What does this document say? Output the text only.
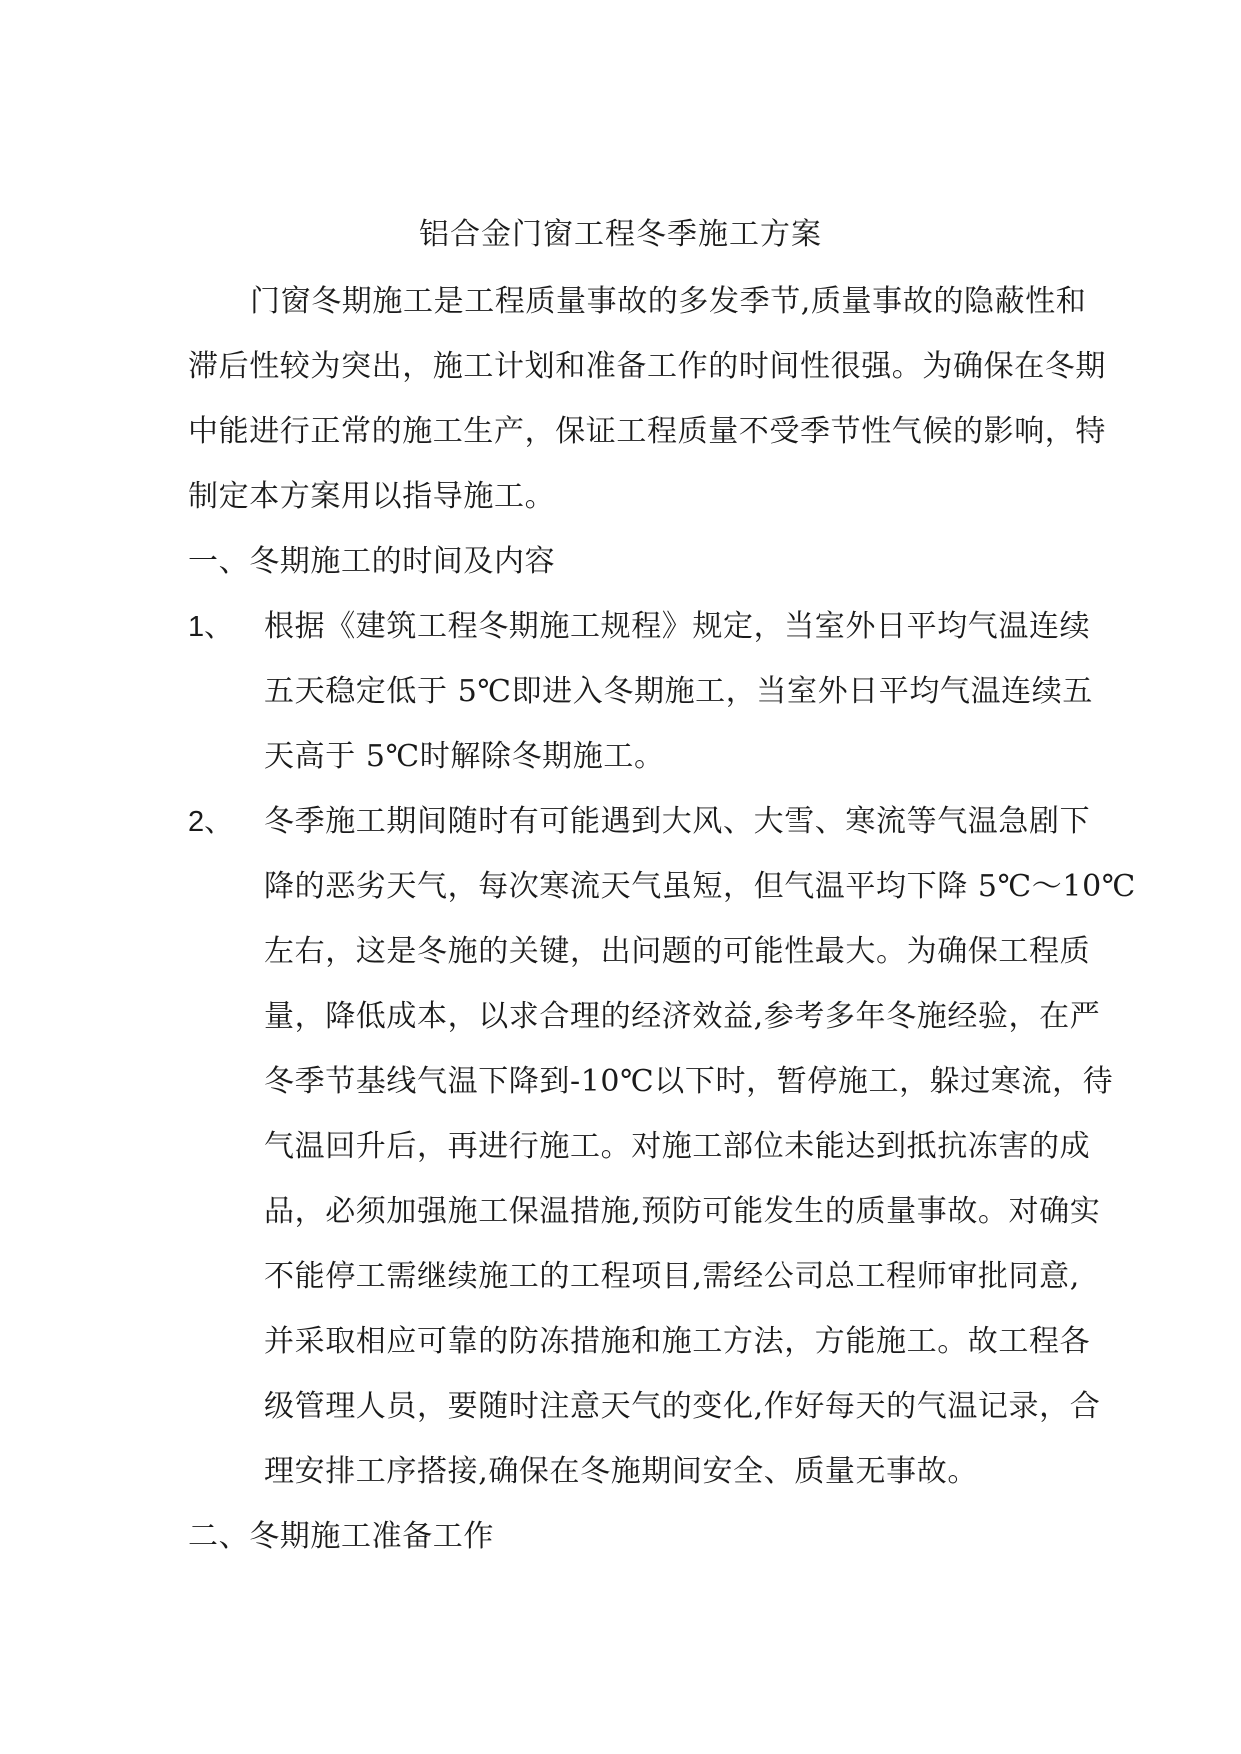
铝合金门窗工程冬季施工方案
门窗冬期施工是工程质量事故的多发季节,质量事故的隐蔽性和
滞后性较为突出，施工计划和准备工作的时间性很强。为确保在冬期
中能进行正常的施工生产，保证工程质量不受季节性气候的影响，特
制定本方案用以指导施工。
一、冬期施工的时间及内容
1、 根据《建筑工程冬期施工规程》规定，当室外日平均气温连续
五天稳定低于 5℃即进入冬期施工，当室外日平均气温连续五
天高于 5℃时解除冬期施工。
2、 冬季施工期间随时有可能遇到大风、大雪、寒流等气温急剧下
降的恶劣天气，每次寒流天气虽短，但气温平均下降 5℃～10℃
左右，这是冬施的关键，出问题的可能性最大。为确保工程质
量，降低成本，以求合理的经济效益,参考多年冬施经验，在严
冬季节基线气温下降到-10℃以下时，暂停施工，躲过寒流，待
气温回升后，再进行施工。对施工部位未能达到抵抗冻害的成
品，必须加强施工保温措施,预防可能发生的质量事故。对确实
不能停工需继续施工的工程项目,需经公司总工程师审批同意,
并采取相应可靠的防冻措施和施工方法，方能施工。故工程各
级管理人员，要随时注意天气的变化,作好每天的气温记录，合
理安排工序搭接,确保在冬施期间安全、质量无事故。
二、冬期施工准备工作
